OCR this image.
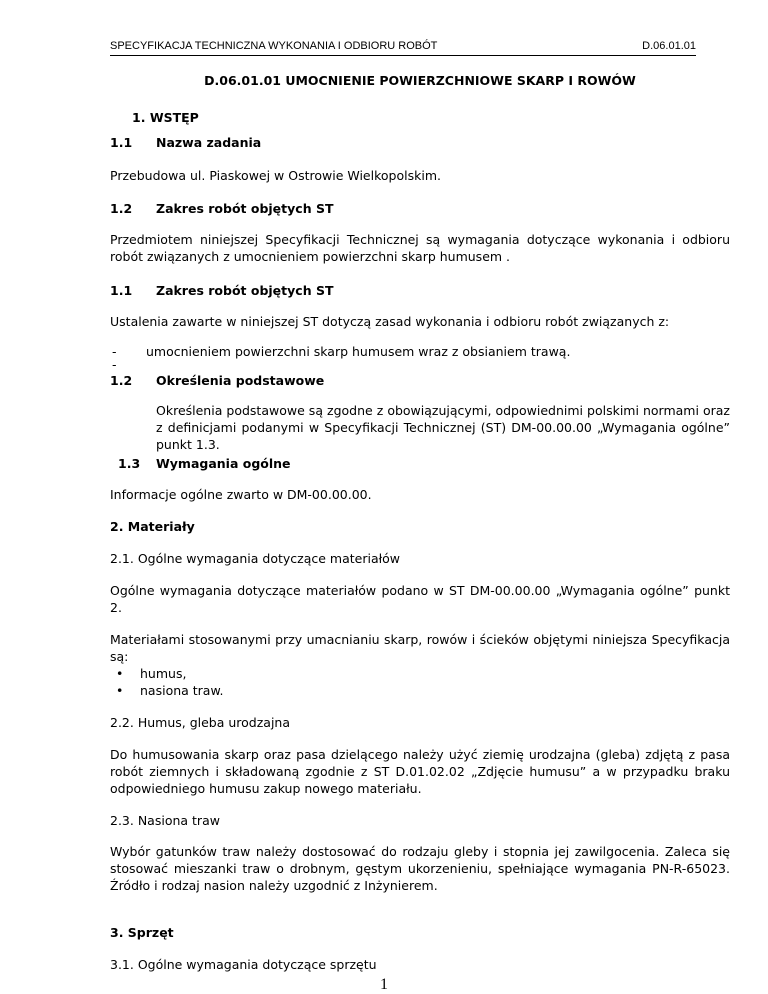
SPECYFIKACJA TECHNICZNA WYKONANIA I ODBIORU ROBÓT	D.06.01.01
D.06.01.01 UMOCNIENIE POWIERZCHNIOWE SKARP I ROWÓW
1. WSTĘP
1.1 Nazwa zadania
Przebudowa ul. Piaskowej w Ostrowie Wielkopolskim.
1.2 Zakres robót objętych ST
Przedmiotem niniejszej Specyfikacji Technicznej są wymagania dotyczące wykonania i odbioru robót związanych z umocnieniem powierzchni skarp humusem .
1.1 Zakres robót objętych ST
Ustalenia zawarte w niniejszej ST dotyczą zasad wykonania i odbioru robót związanych z:
- umocnieniem powierzchni skarp humusem wraz z obsianiem trawą.
-
1.2 Określenia podstawowe
Określenia podstawowe są zgodne z obowiązującymi, odpowiednimi polskimi normami oraz z definicjami podanymi w Specyfikacji Technicznej (ST) DM-00.00.00 „Wymagania ogólne” punkt 1.3.
1.3 Wymagania ogólne
Informacje ogólne zwarto w DM-00.00.00.
2. Materiały
2.1. Ogólne wymagania dotyczące materiałów
Ogólne wymagania dotyczące materiałów podano w ST DM-00.00.00 „Wymagania ogólne” punkt 2.
Materiałami stosowanymi przy umacnianiu skarp, rowów i ścieków objętymi niniejsza Specyfikacja są:
• humus,
• nasiona traw.
2.2. Humus, gleba urodzajna
Do humusowania skarp oraz pasa dzielącego należy użyć ziemię urodzajna (gleba) zdjętą z pasa robót ziemnych i składowaną zgodnie z ST D.01.02.02 „Zdjęcie humusu” a w przypadku braku odpowiedniego humusu zakup nowego materiału.
2.3. Nasiona traw
Wybór gatunków traw należy dostosować do rodzaju gleby i stopnia jej zawilgocenia. Zaleca się stosować mieszanki traw o drobnym, gęstym ukorzenieniu, spełniające wymagania PN-R-65023. Źródło i rodzaj nasion należy uzgodnić z Inżynierem.
3. Sprzęt
3.1. Ogólne wymagania dotyczące sprzętu
1
